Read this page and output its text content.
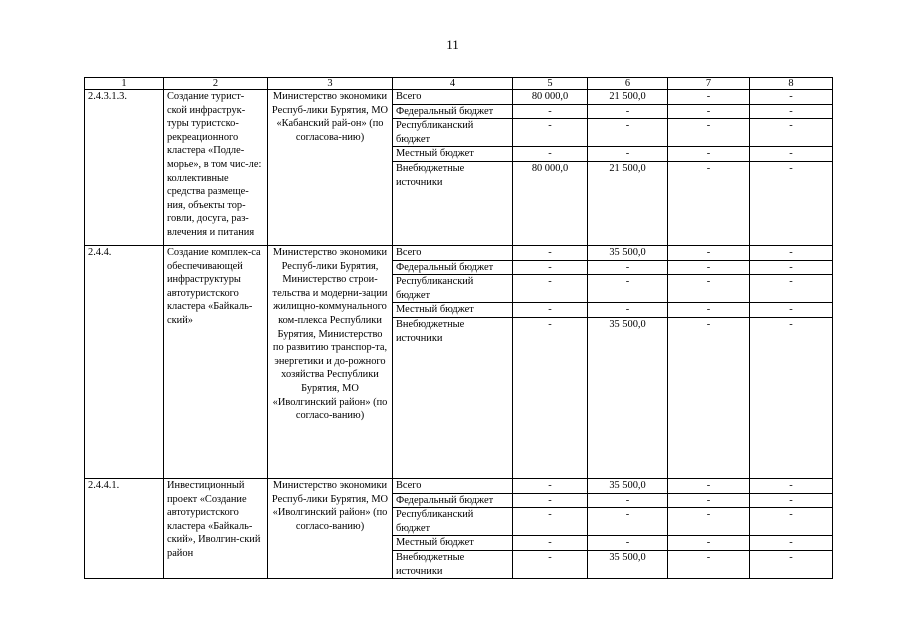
11
1	2	3	4	5	6	7	8
2.4.3.1.3.	Создание турист-ской инфраструк-туры туристско-рекреационного кластера «Подле-морье», в том чис-ле: коллективные средства размеще-ния, объекты тор-говли, досуга, раз-влечения и питания	Министерство экономики Респуб-лики Бурятия, МО «Кабанский рай-он» (по согласова-нию)	Всего	80 000,0	21 500,0	-	-
			Федеральный бюджет	-	-	-	-
			Республиканский бюджет	-	-	-	-
			Местный бюджет	-	-	-	-
			Внебюджетные источники	80 000,0	21 500,0	-	-
2.4.4.	Создание комплек-са обеспечивающей инфраструктуры автотуристского кластера «Байкаль-ский»	Министерство экономики Респуб-лики Бурятия, Министерство строи-тельства и модерни-зации жилищно-коммунального ком-плекса Республики Бурятия, Министерство по развитию транспор-та, энергетики и до-рожного хозяйства Республики Бурятия, МО «Иволгинский район» (по согласо-ванию)	Всего	-	35 500,0	-	-
			Федеральный бюджет	-	-	-	-
			Республиканский бюджет	-	-	-	-
			Местный бюджет	-	-	-	-
			Внебюджетные источники	-	35 500,0	-	-
2.4.4.1.	Инвестиционный проект «Создание автотуристского кластера «Байкаль-ский», Иволгин-ский район	Министерство экономики Респуб-лики Бурятия, МО «Иволгинский район» (по согласо-ванию)	Всего	-	35 500,0	-	-
			Федеральный бюджет	-	-	-	-
			Республиканский бюджет	-	-	-	-
			Местный бюджет	-	-	-	-
			Внебюджетные источники	-	35 500,0	-	-
